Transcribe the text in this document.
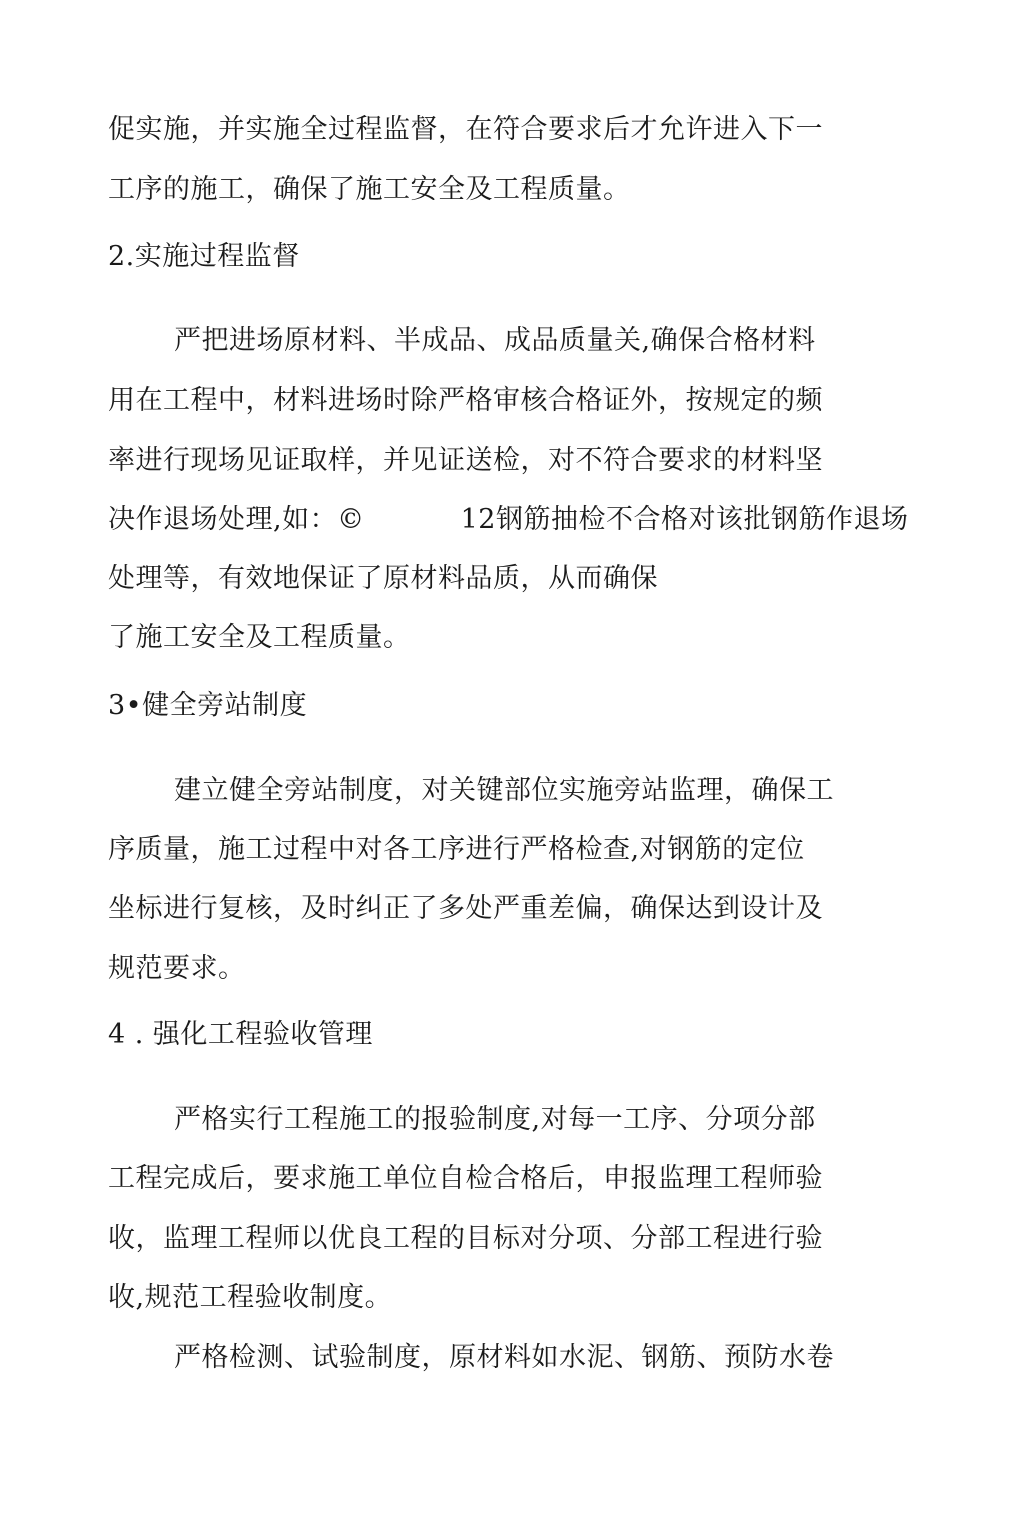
促实施，并实施全过程监督，在符合要求后才允许进入下一
工序的施工，确保了施工安全及工程质量。
2.实施过程监督
严把进场原材料、半成品、成品质量关,确保合格材料
用在工程中，材料进场时除严格审核合格证外，按规定的频
率进行现场见证取样，并见证送检，对不符合要求的材料坚
决作退场处理,如：©	12钢筋抽检不合格对该批钢筋作退场
处理等，有效地保证了原材料品质，从而确保
了施工安全及工程质量。
3•健全旁站制度
建立健全旁站制度，对关键部位实施旁站监理，确保工
序质量，施工过程中对各工序进行严格检查,对钢筋的定位
坐标进行复核，及时纠正了多处严重差偏，确保达到设计及
规范要求。
4 . 强化工程验收管理
严格实行工程施工的报验制度,对每一工序、分项分部
工程完成后，要求施工单位自检合格后，申报监理工程师验
收，监理工程师以优良工程的目标对分项、分部工程进行验
收,规范工程验收制度。
严格检测、试验制度，原材料如水泥、钢筋、预防水卷
